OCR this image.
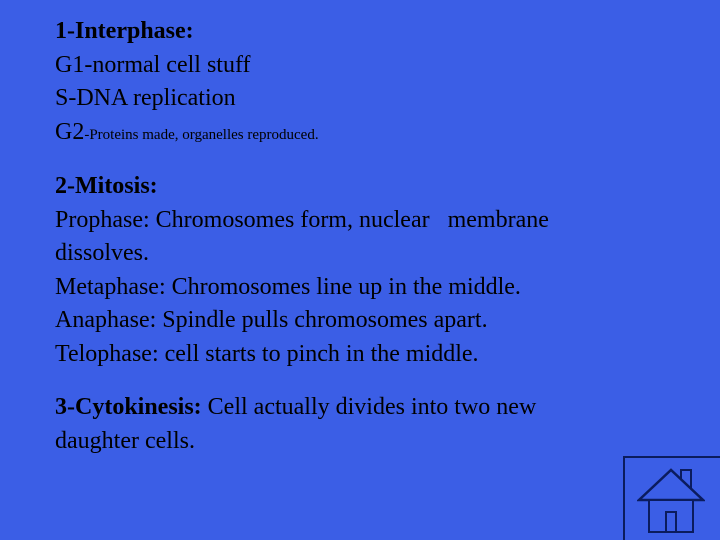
1-Interphase:
G1-normal cell stuff
S-DNA replication
G2-Proteins made, organelles reproduced.
2-Mitosis:
Prophase: Chromosomes form, nuclear   membrane
dissolves.
Metaphase: Chromosomes line up in the middle.
Anaphase: Spindle pulls chromosomes apart.
Telophase: cell starts to pinch in the middle.
3-Cytokinesis: Cell actually divides into two new
daughter cells.
